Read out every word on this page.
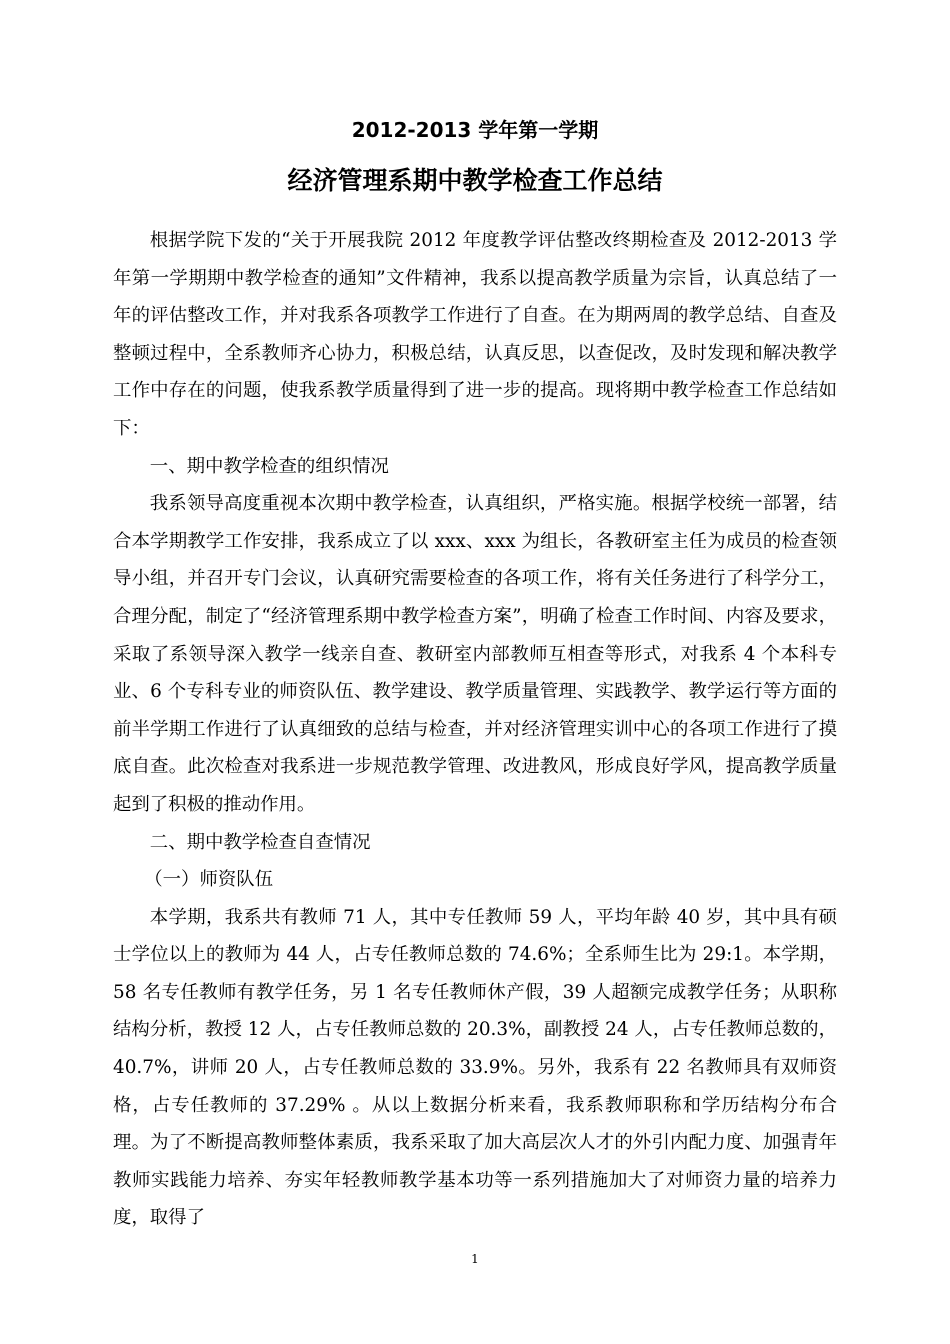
2012-2013 学年第一学期
经济管理系期中教学检查工作总结

根据学院下发的“关于开展我院 2012 年度教学评估整改终期检查及 2012-2013 学年第一学期期中教学检查的通知”文件精神，我系以提高教学质量为宗旨，认真总结了一年的评估整改工作，并对我系各项教学工作进行了自查。在为期两周的教学总结、自查及整顿过程中，全系教师齐心协力，积极总结，认真反思，以查促改，及时发现和解决教学工作中存在的问题，使我系教学质量得到了进一步的提高。现将期中教学检查工作总结如下：

一、期中教学检查的组织情况

我系领导高度重视本次期中教学检查，认真组织，严格实施。根据学校统一部署，结合本学期教学工作安排，我系成立了以 xxx、xxx 为组长，各教研室主任为成员的检查领导小组，并召开专门会议，认真研究需要检查的各项工作，将有关任务进行了科学分工，合理分配，制定了“经济管理系期中教学检查方案”，明确了检查工作时间、内容及要求，采取了系领导深入教学一线亲自查、教研室内部教师互相查等形式，对我系 4 个本科专业、6 个专科专业的师资队伍、教学建设、教学质量管理、实践教学、教学运行等方面的前半学期工作进行了认真细致的总结与检查，并对经济管理实训中心的各项工作进行了摸底自查。此次检查对我系进一步规范教学管理、改进教风，形成良好学风，提高教学质量起到了积极的推动作用。

二、期中教学检查自查情况

（一）师资队伍

本学期，我系共有教师 71 人，其中专任教师 59 人，平均年龄 40 岁，其中具有硕士学位以上的教师为 44 人，占专任教师总数的 74.6%；全系师生比为 29:1。本学期，58 名专任教师有教学任务，另 1 名专任教师休产假，39 人超额完成教学任务；从职称结构分析，教授 12 人，占专任教师总数的 20.3%，副教授 24 人，占专任教师总数的，40.7%，讲师 20 人，占专任教师总数的 33.9%。另外，我系有 22 名教师具有双师资格，占专任教师的 37.29% 。从以上数据分析来看，我系教师职称和学历结构分布合理。为了不断提高教师整体素质，我系采取了加大高层次人才的外引内配力度、加强青年教师实践能力培养、夯实年轻教师教学基本功等一系列措施加大了对师资力量的培养力度，取得了

1
